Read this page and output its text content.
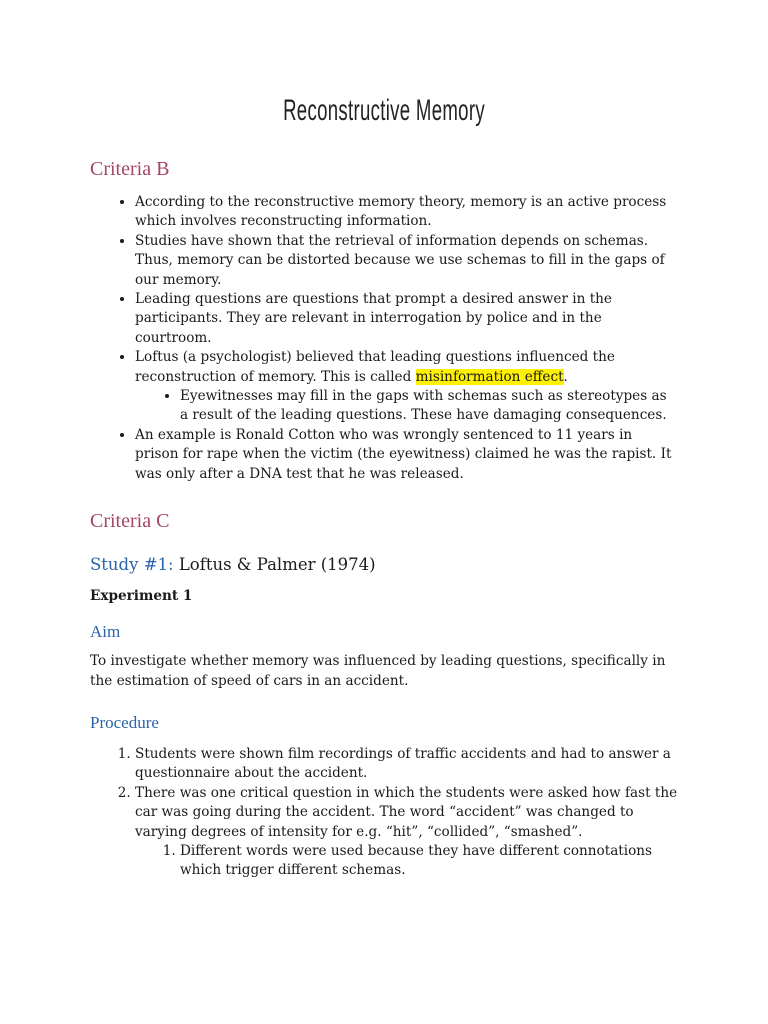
Reconstructive Memory
Criteria B
• According to the reconstructive memory theory, memory is an active process which involves reconstructing information.
• Studies have shown that the retrieval of information depends on schemas. Thus, memory can be distorted because we use schemas to fill in the gaps of our memory.
• Leading questions are questions that prompt a desired answer in the participants. They are relevant in interrogation by police and in the courtroom.
• Loftus (a psychologist) believed that leading questions influenced the reconstruction of memory. This is called misinformation effect.
• Eyewitnesses may fill in the gaps with schemas such as stereotypes as a result of the leading questions. These have damaging consequences.
• An example is Ronald Cotton who was wrongly sentenced to 11 years in prison for rape when the victim (the eyewitness) claimed he was the rapist. It was only after a DNA test that he was released.
Criteria C
Study #1: Loftus & Palmer (1974)
Experiment 1
Aim

To investigate whether memory was influenced by leading questions, specifically in the estimation of speed of cars in an accident.

Procedure
1. Students were shown film recordings of traffic accidents and had to answer a questionnaire about the accident.
2. There was one critical question in which the students were asked how fast the car was going during the accident. The word “accident” was changed to varying degrees of intensity for e.g. “hit”, “collided”, “smashed”.
1. Different words were used because they have different connotations which trigger different schemas.
